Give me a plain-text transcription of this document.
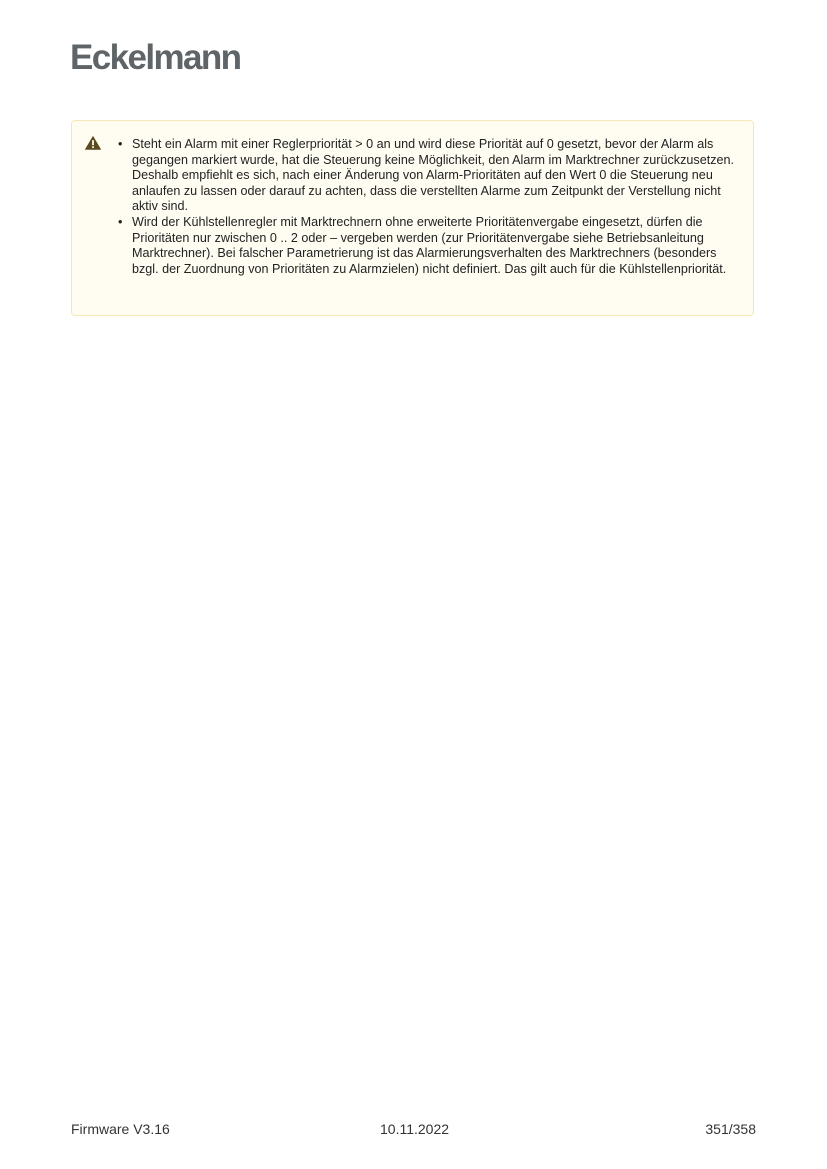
Eckelmann
• Steht ein Alarm mit einer Reglerpriorität > 0 an und wird diese Priorität auf 0 gesetzt, bevor der Alarm als gegangen markiert wurde, hat die Steuerung keine Möglichkeit, den Alarm im Marktrechner zurückzusetzen. Deshalb empfiehlt es sich, nach einer Änderung von Alarm-Prioritäten auf den Wert 0 die Steuerung neu anlaufen zu lassen oder darauf zu achten, dass die verstellten Alarme zum Zeitpunkt der Verstellung nicht aktiv sind.
• Wird der Kühlstellenregler mit Marktrechnern ohne erweiterte Prioritätenvergabe eingesetzt, dürfen die Prioritäten nur zwischen 0 .. 2 oder – vergeben werden (zur Prioritätenvergabe siehe Betriebsanleitung Marktrechner). Bei falscher Parametrierung ist das Alarmierungsverhalten des Marktrechners (besonders bzgl. der Zuordnung von Prioritäten zu Alarmzielen) nicht definiert. Das gilt auch für die Kühlstellenpriorität.
Firmware V3.16	10.11.2022	351/358
